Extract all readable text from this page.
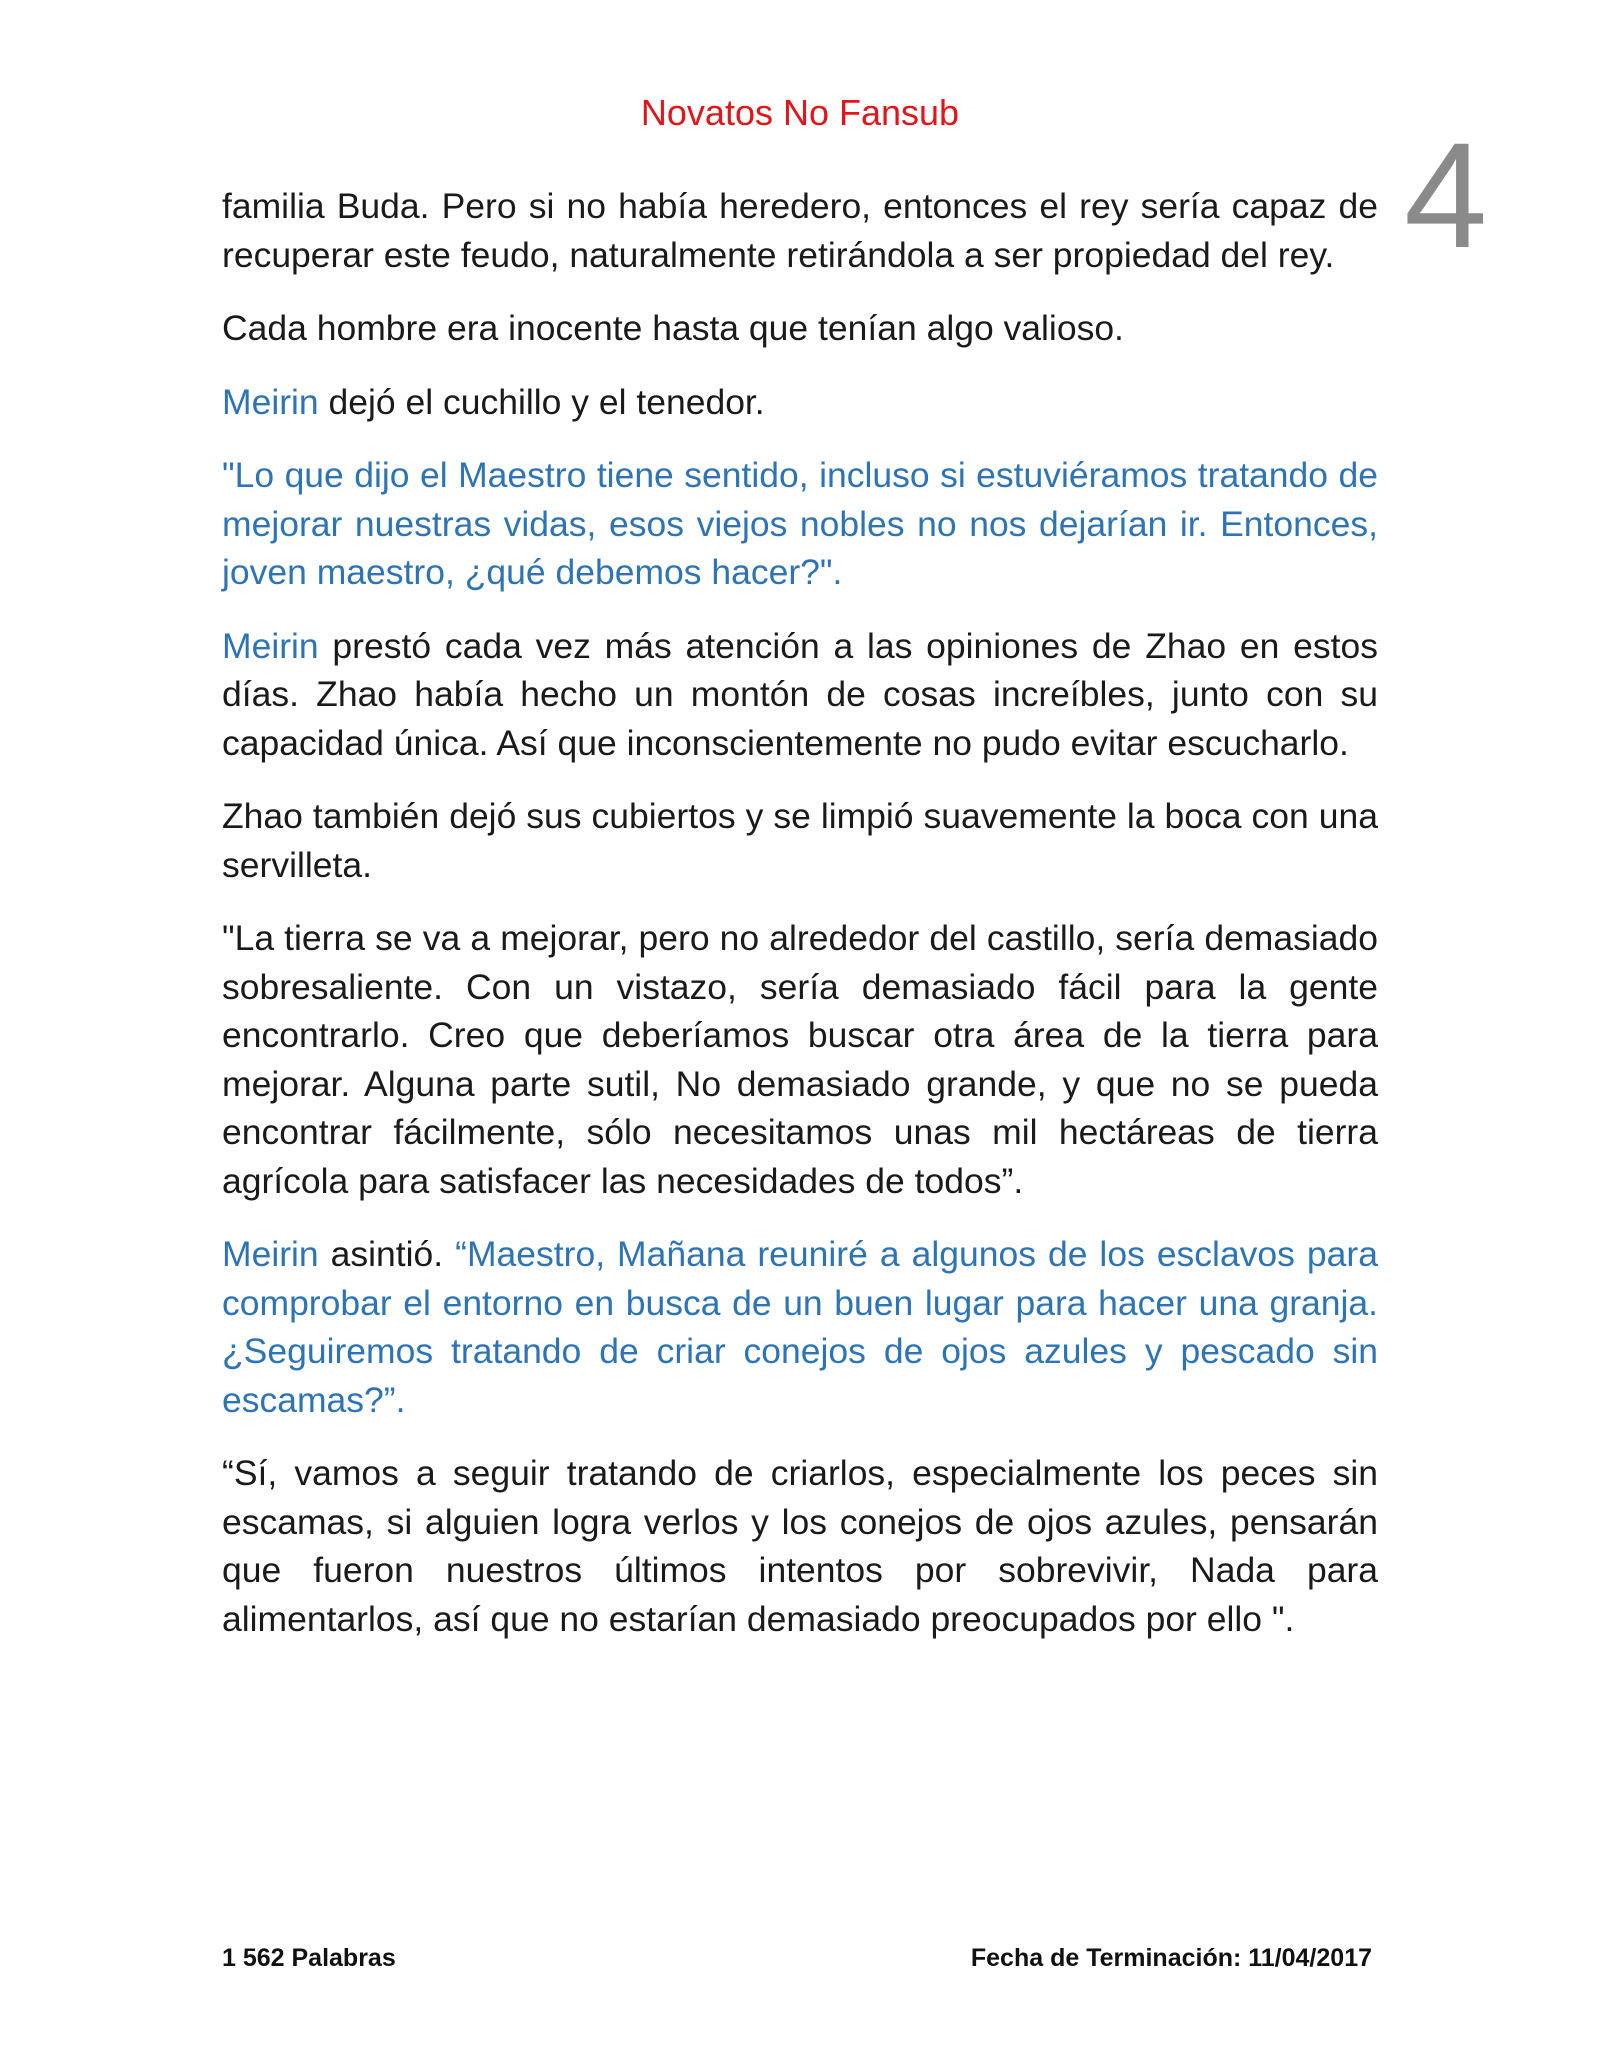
Novatos No Fansub	4

familia Buda. Pero si no había heredero, entonces el rey sería capaz de recuperar este feudo, naturalmente retirándola a ser propiedad del rey.

Cada hombre era inocente hasta que tenían algo valioso.

Meirin dejó el cuchillo y el tenedor.

"Lo que dijo el Maestro tiene sentido, incluso si estuviéramos tratando de mejorar nuestras vidas, esos viejos nobles no nos dejarían ir. Entonces, joven maestro, ¿qué debemos hacer?".

Meirin prestó cada vez más atención a las opiniones de Zhao en estos días. Zhao había hecho un montón de cosas increíbles, junto con su capacidad única. Así que inconscientemente no pudo evitar escucharlo.

Zhao también dejó sus cubiertos y se limpió suavemente la boca con una servilleta.

"La tierra se va a mejorar, pero no alrededor del castillo, sería demasiado sobresaliente. Con un vistazo, sería demasiado fácil para la gente encontrarlo. Creo que deberíamos buscar otra área de la tierra para mejorar. Alguna parte sutil, No demasiado grande, y que no se pueda encontrar fácilmente, sólo necesitamos unas mil hectáreas de tierra agrícola para satisfacer las necesidades de todos”.

Meirin asintió. “Maestro, Mañana reuniré a algunos de los esclavos para comprobar el entorno en busca de un buen lugar para hacer una granja. ¿Seguiremos tratando de criar conejos de ojos azules y pescado sin escamas?”.

“Sí, vamos a seguir tratando de criarlos, especialmente los peces sin escamas, si alguien logra verlos y los conejos de ojos azules, pensarán que fueron nuestros últimos intentos por sobrevivir, Nada para alimentarlos, así que no estarían demasiado preocupados por ello ".

1 562 Palabras	Fecha de Terminación: 11/04/2017
